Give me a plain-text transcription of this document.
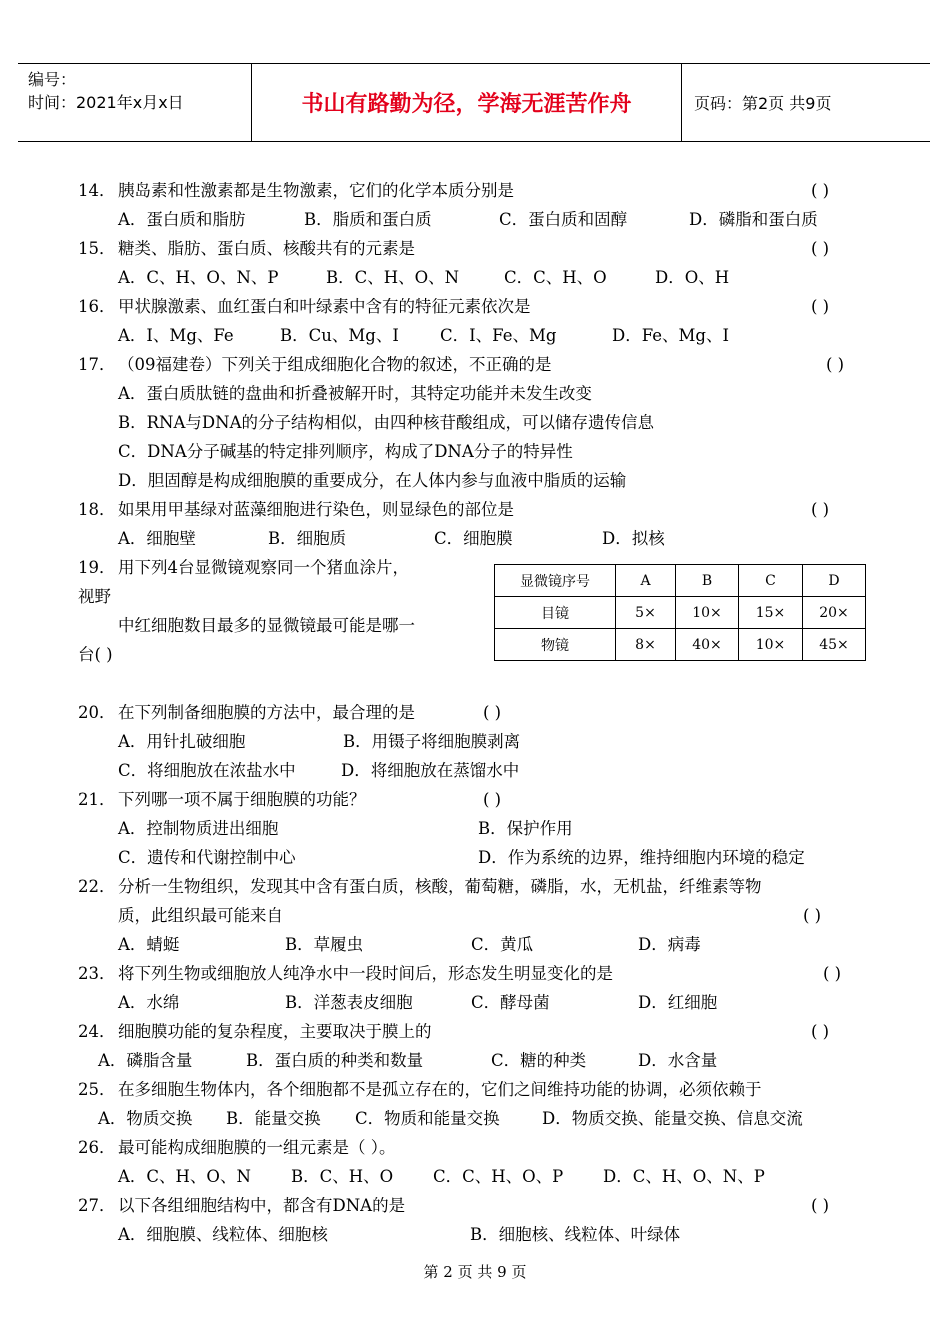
编号：
时间：2021年x月x日	书山有路勤为径，学海无涯苦作舟	页码：第2页 共9页
14． 胰岛素和性激素都是生物激素，它们的化学本质分别是	( )
A．蛋白质和脂肪	B．脂质和蛋白质	C．蛋白质和固醇	D．磷脂和蛋白质
15． 糖类、脂肪、蛋白质、核酸共有的元素是	( )
A．C、H、O、N、P	B．C、H、O、N	C．C、H、O	D．O、H
16． 甲状腺激素、血红蛋白和叶绿素中含有的特征元素依次是	( )
A．I、Mg、Fe	B．Cu、Mg、I C．I、Fe、Mg	D．Fe、Mg、I
17． （09福建卷）下列关于组成细胞化合物的叙述，不正确的是	( )
A．蛋白质肽链的盘曲和折叠被解开时，其特定功能并未发生改变
B．RNA与DNA的分子结构相似，由四种核苷酸组成，可以储存遗传信息
C．DNA分子碱基的特定排列顺序，构成了DNA分子的特异性
D．胆固醇是构成细胞膜的重要成分，在人体内参与血液中脂质的运输
18． 如果用甲基绿对蓝藻细胞进行染色，则显绿色的部位是	( )
A．细胞壁	B．细胞质	C．细胞膜	D．拟核
19． 用下列4台显微镜观察同一个猪血涂片，
视野
中红细胞数目最多的显微镜最可能是哪一
台( )
20． 在下列制备细胞膜的方法中，最合理的是	( )
A．用针扎破细胞	B．用镊子将细胞膜剥离
C．将细胞放在浓盐水中	D．将细胞放在蒸馏水中
21． 下列哪一项不属于细胞膜的功能？	( )
A．控制物质进出细胞	B．保护作用
C．遗传和代谢控制中心	D．作为系统的边界，维持细胞内环境的稳定
22． 分析一生物组织，发现其中含有蛋白质，核酸，葡萄糖，磷脂，水，无机盐，纤维素等物
质，此组织最可能来自	( )
A．蜻蜓	B．草履虫	C．黄瓜	D．病毒
23． 将下列生物或细胞放人纯净水中一段时间后，形态发生明显变化的是	( )
A．水绵	B．洋葱表皮细胞	C．酵母菌	D．红细胞
24． 细胞膜功能的复杂程度，主要取决于膜上的	( )
A．磷脂含量	B．蛋白质的种类和数量	C．糖的种类	D．水含量
25． 在多细胞生物体内，各个细胞都不是孤立存在的，它们之间维持功能的协调，必须依赖于
A．物质交换 B．能量交换 C．物质和能量交换	D．物质交换、能量交换、信息交流
26． 最可能构成细胞膜的一组元素是（ ）。
A．C、H、O、N B．C、H、O C．C、H、O、P D．C、H、O、N、P
27． 以下各组细胞结构中，都含有DNA的是	( )
A．细胞膜、线粒体、细胞核	B．细胞核、线粒体、叶绿体
显微镜序号	A	B	C	D
目镜	5×	10×	15×	20×
物镜	8×	40×	10×	45×
第 2 页 共 9 页
